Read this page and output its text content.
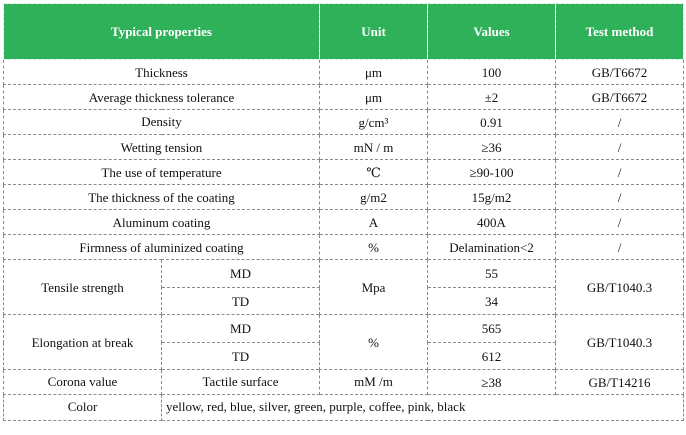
Typical properties		Unit	Values	Test method
Thickness		μm	100	GB/T6672
Average thickness tolerance		μm	±2	GB/T6672
Density		g/cm³	0.91	/
Wetting tension		mN / m	≥36	/
The use of temperature		℃	≥90-100	/
The thickness of the coating		g/m2	15g/m2	/
Aluminum coating		A	400A	/
Firmness of aluminized coating		%	Delamination<2	/
Tensile strength	MD	Mpa	55	GB/T1040.3
	TD		34	
Elongation at break	MD	%	565	GB/T1040.3
	TD		612	
Corona value	Tactile surface	mM /m	≥38	GB/T14216
Color	yellow, red, blue, silver, green, purple, coffee, pink, black			
